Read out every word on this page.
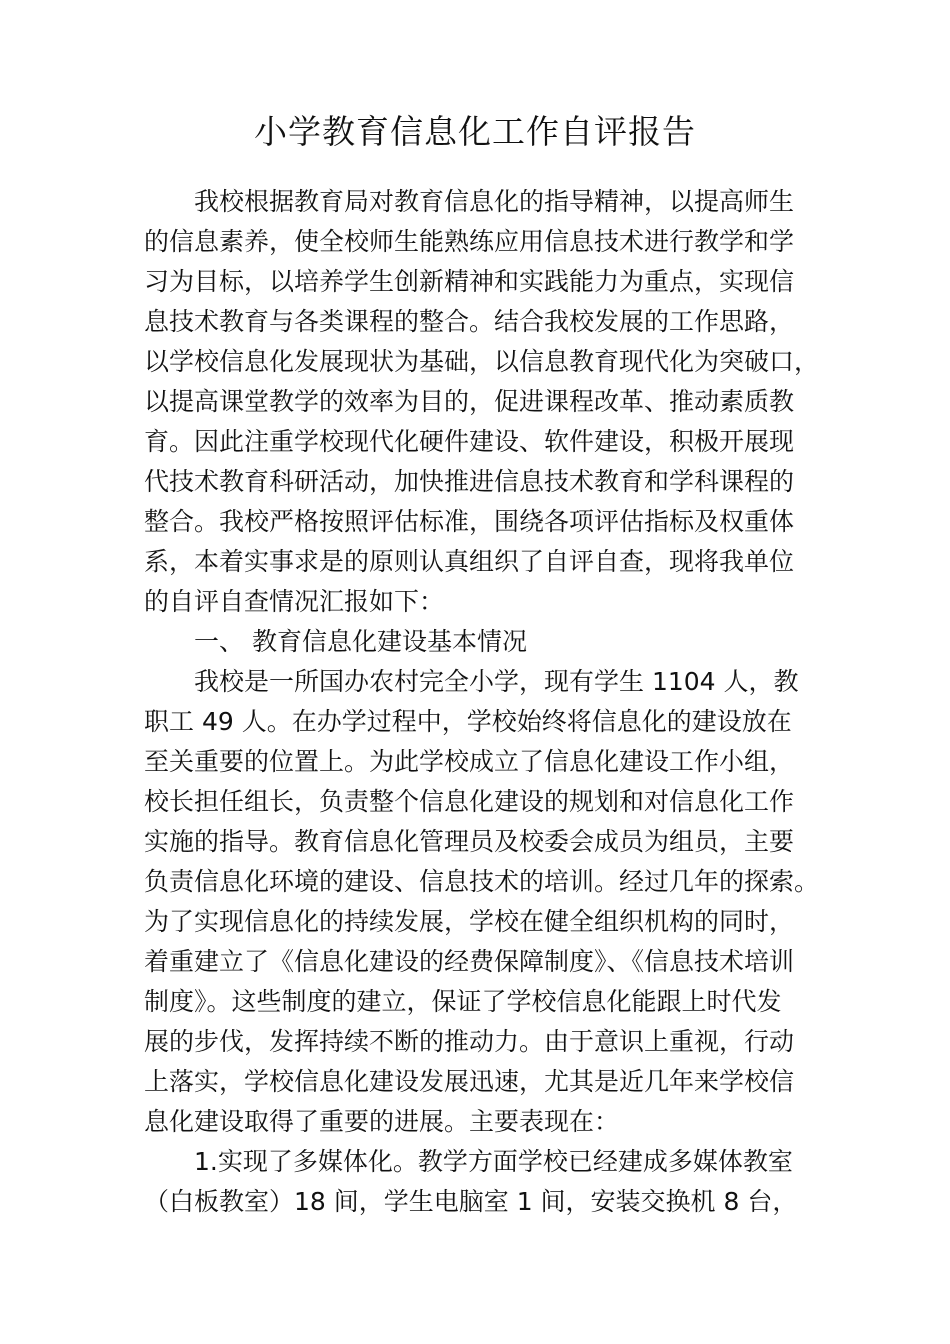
小学教育信息化工作自评报告

我校根据教育局对教育信息化的指导精神，以提高师生

的信息素养，使全校师生能熟练应用信息技术进行教学和学

习为目标，以培养学生创新精神和实践能力为重点，实现信

息技术教育与各类课程的整合。结合我校发展的工作思路，

以学校信息化发展现状为基础，以信息教育现代化为突破口，

以提高课堂教学的效率为目的，促进课程改革、推动素质教

育。因此注重学校现代化硬件建设、软件建设，积极开展现

代技术教育科研活动，加快推进信息技术教育和学科课程的

整合。我校严格按照评估标准，围绕各项评估指标及权重体

系，本着实事求是的原则认真组织了自评自查，现将我单位

的自评自查情况汇报如下：

一、 教育信息化建设基本情况

我校是一所国办农村完全小学，现有学生 1104 人，教

职工 49 人。在办学过程中，学校始终将信息化的建设放在

至关重要的位置上。为此学校成立了信息化建设工作小组，

校长担任组长，负责整个信息化建设的规划和对信息化工作

实施的指导。教育信息化管理员及校委会成员为组员，主要

负责信息化环境的建设、信息技术的培训。经过几年的探索。

为了实现信息化的持续发展，学校在健全组织机构的同时，

着重建立了《信息化建设的经费保障制度》、《信息技术培训

制度》。这些制度的建立，保证了学校信息化能跟上时代发

展的步伐，发挥持续不断的推动力。由于意识上重视，行动

上落实，学校信息化建设发展迅速，尤其是近几年来学校信

息化建设取得了重要的进展。主要表现在：

1.实现了多媒体化。教学方面学校已经建成多媒体教室

（白板教室）18 间，学生电脑室 1 间，安装交换机 8 台，
